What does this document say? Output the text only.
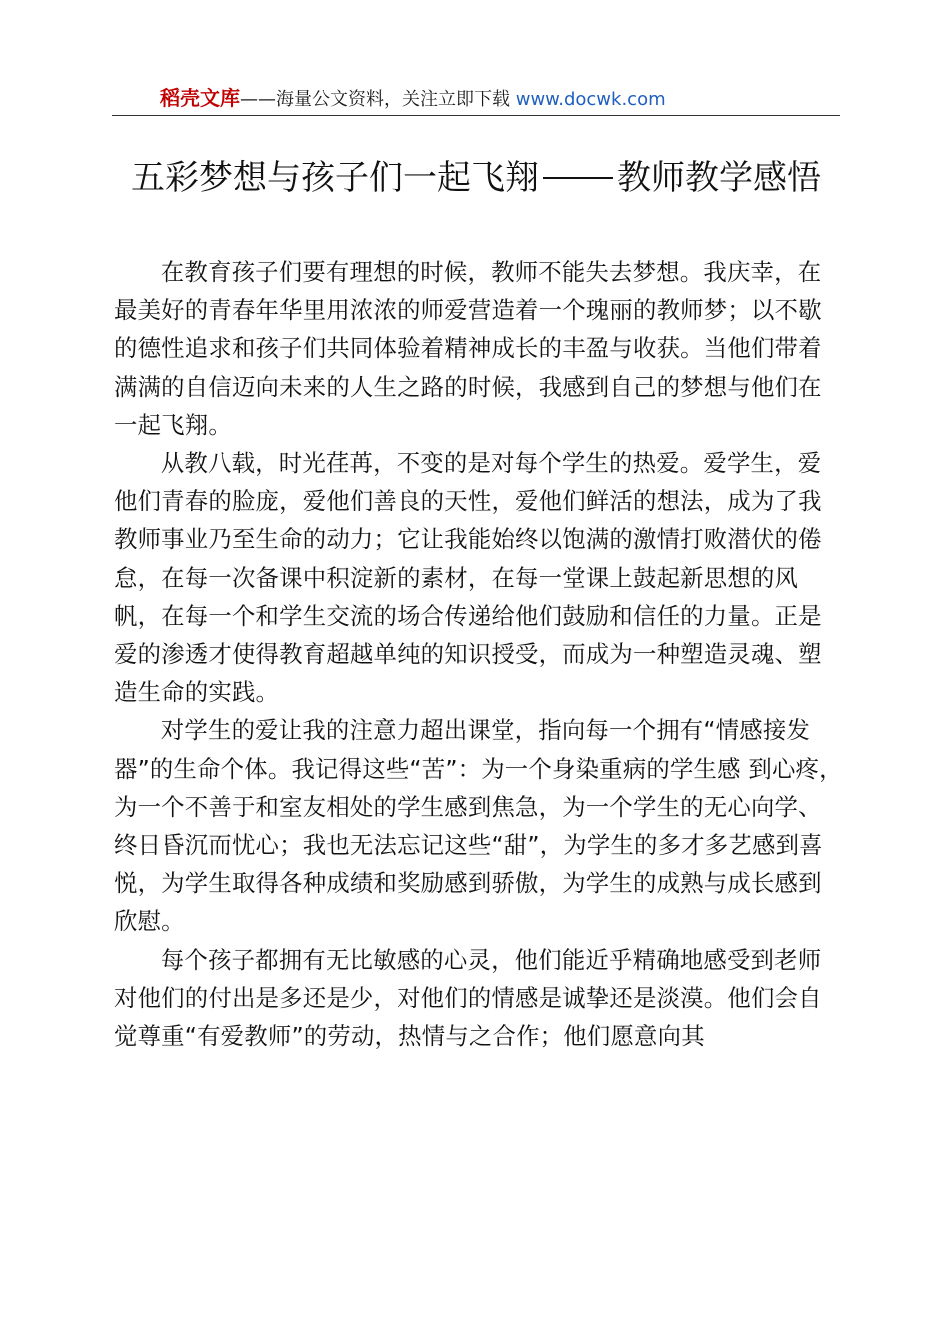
稻壳文库——海量公文资料，关注立即下载 www.docwk.com
五彩梦想与孩子们一起飞翔 教师教学感悟

在教育孩子们要有理想的时候，教师不能失去梦想。我庆幸，在最美好的青春年华里用浓浓的师爱营造着一个瑰丽的教师梦；以不歇的德性追求和孩子们共同体验着精神成长的丰盈与收获。当他们带着满满的自信迈向未来的人生之路的时候，我感到自己的梦想与他们在一起飞翔。

从教八载，时光荏苒，不变的是对每个学生的热爱。爱学生，爱他们青春的脸庞，爱他们善良的天性，爱他们鲜活的想法，成为了我教师事业乃至生命的动力；它让我能始终以饱满的激情打败潜伏的倦怠，在每一次备课中积淀新的素材，在每一堂课上鼓起新思想的风帆，在每一个和学生交流的场合传递给他们鼓励和信任的力量。正是爱的渗透才使得教育超越单纯的知识授受，而成为一种塑造灵魂、塑造生命的实践。

对学生的爱让我的注意力超出课堂，指向每一个拥有“情感接发器”的生命个体。我记得这些“苦”：为一个身染重病的学生感 到心疼，为一个不善于和室友相处的学生感到焦急，为一个学生的无心向学、终日昏沉而忧心；我也无法忘记这些“甜”，为学生的多才多艺感到喜悦，为学生取得各种成绩和奖励感到骄傲，为学生的成熟与成长感到欣慰。

每个孩子都拥有无比敏感的心灵，他们能近乎精确地感受到老师对他们的付出是多还是少，对他们的情感是诚挚还是淡漠。他们会自觉尊重“有爱教师”的劳动，热情与之合作；他们愿意向其
